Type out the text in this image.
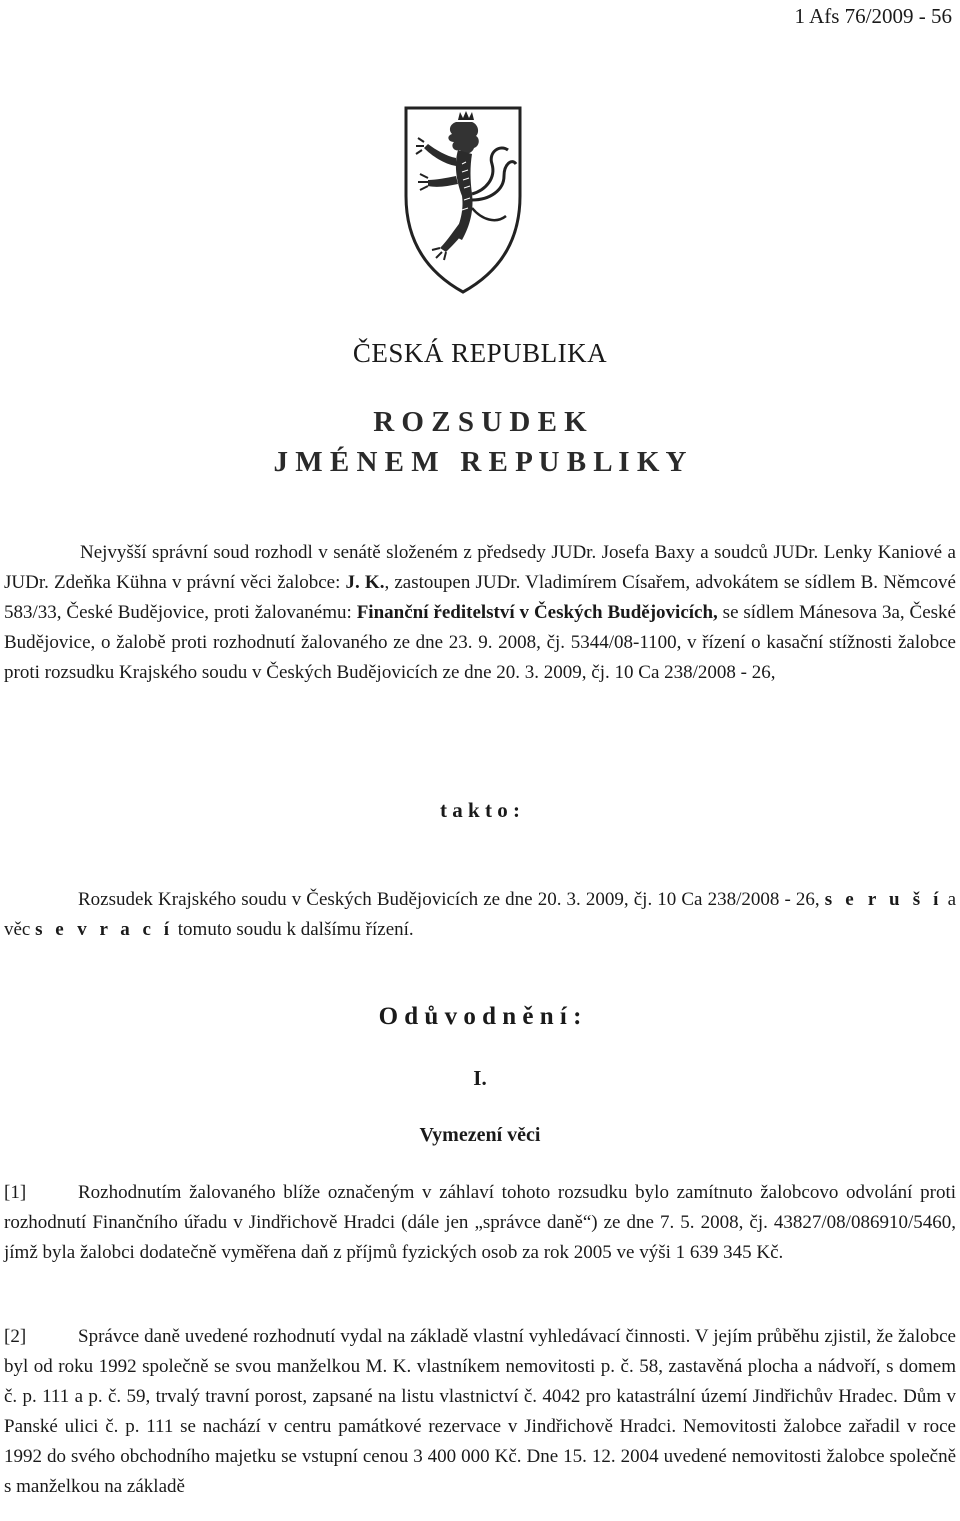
1 Afs 76/2009 - 56
ČESKÁ REPUBLIKA
R O Z S U D E K
J M É N E M   R E P U B L I K Y
Nejvyšší správní soud rozhodl v senátě složeném z předsedy JUDr. Josefa Baxy a soudců JUDr. Lenky Kaniové a JUDr. Zdeňka Kühna v právní věci žalobce: J. K., zastoupen JUDr. Vladimírem Císařem, advokátem se sídlem B. Němcové 583/33, České Budějovice, proti žalovanému: Finanční ředitelství v Českých Budějovicích, se sídlem Mánesova 3a, České Budějovice, o žalobě proti rozhodnutí žalovaného ze dne 23. 9. 2008, čj. 5344/08-1100, v řízení o kasační stížnosti žalobce proti rozsudku Krajského soudu v Českých Budějovicích ze dne 20. 3. 2009, čj. 10 Ca 238/2008 - 26,
t a k t o :
Rozsudek Krajského soudu v Českých Budějovicích ze dne 20. 3. 2009, čj. 10 Ca 238/2008 - 26, s e r u š í a věc s e v r a c í tomuto soudu k dalšímu řízení.
O d ů v o d n ě n í :
I.
Vymezení věci
[1]	Rozhodnutím žalovaného blíže označeným v záhlaví tohoto rozsudku bylo zamítnuto žalobcovo odvolání proti rozhodnutí Finančního úřadu v Jindřichově Hradci (dále jen „správce daně“) ze dne 7. 5. 2008, čj. 43827/08/086910/5460, jímž byla žalobci dodatečně vyměřena daň z příjmů fyzických osob za rok 2005 ve výši 1 639 345 Kč.
[2]	Správce daně uvedené rozhodnutí vydal na základě vlastní vyhledávací činnosti. V jejím průběhu zjistil, že žalobce byl od roku 1992 společně se svou manželkou M. K. vlastníkem nemovitosti p. č. 58, zastavěná plocha a nádvoří, s domem č. p. 111 a p. č. 59, trvalý travní porost, zapsané na listu vlastnictví č. 4042 pro katastrální území Jindřichův Hradec. Dům v Panské ulici č. p. 111 se nachází v centru památkové rezervace v Jindřichově Hradci. Nemovitosti žalobce zařadil v roce 1992 do svého obchodního majetku se vstupní cenou 3 400 000 Kč. Dne 15. 12. 2004 uvedené nemovitosti žalobce společně s manželkou na základě
